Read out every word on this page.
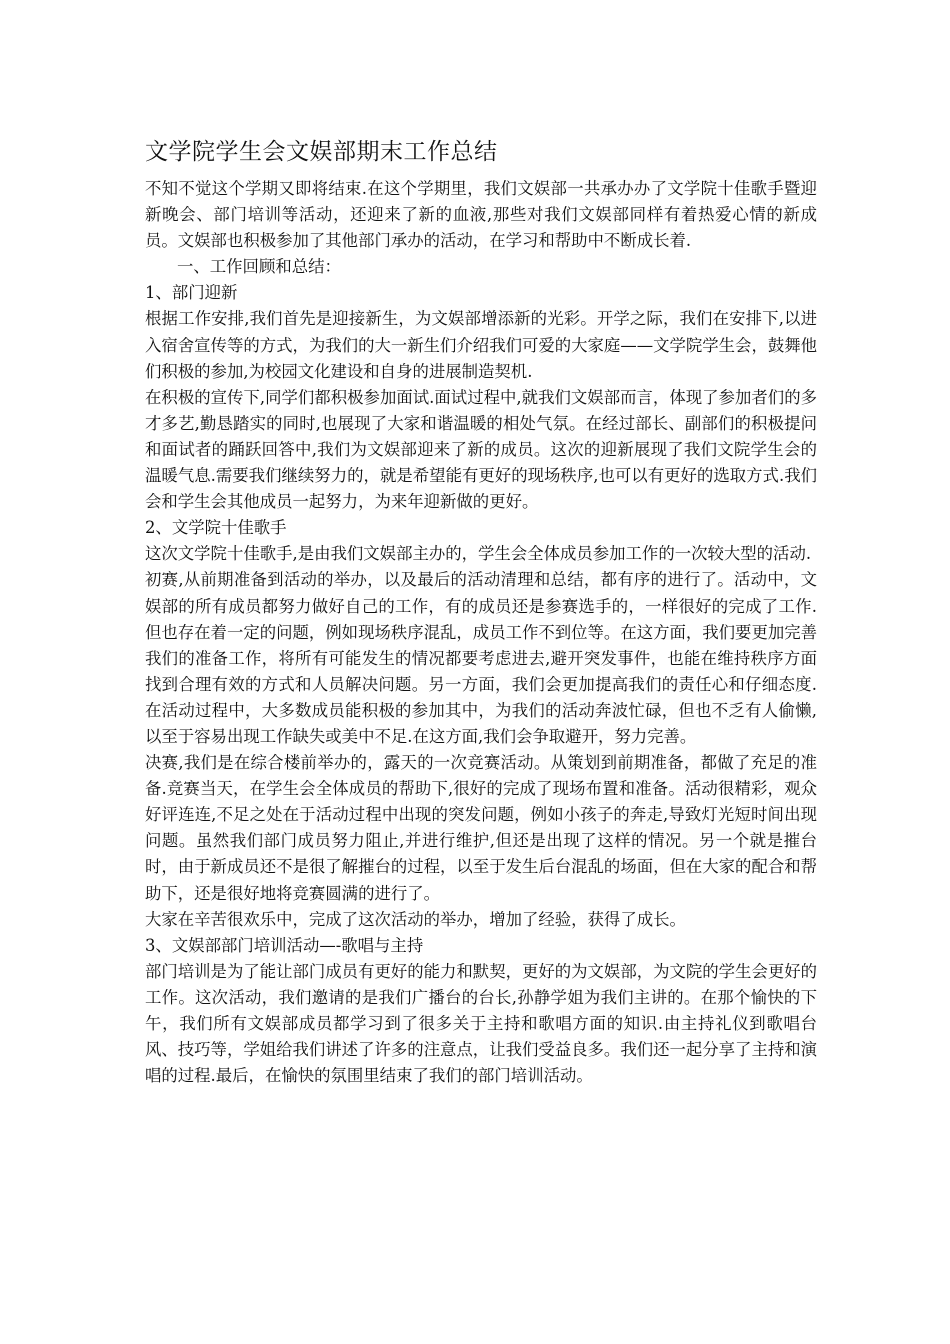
文学院学生会文娱部期末工作总结

不知不觉这个学期又即将结束.在这个学期里，我们文娱部一共承办办了文学院十佳歌手暨迎新晚会、部门培训等活动，还迎来了新的血液,那些对我们文娱部同样有着热爱心情的新成员。文娱部也积极参加了其他部门承办的活动，在学习和帮助中不断成长着.

一、工作回顾和总结：

1、部门迎新

根据工作安排,我们首先是迎接新生，为文娱部增添新的光彩。开学之际，我们在安排下,以进入宿舍宣传等的方式，为我们的大一新生们介绍我们可爱的大家庭——文学院学生会，鼓舞他们积极的参加,为校园文化建设和自身的进展制造契机.

在积极的宣传下,同学们都积极参加面试.面试过程中,就我们文娱部而言，体现了参加者们的多才多艺,勤恳踏实的同时,也展现了大家和谐温暖的相处气氛。在经过部长、副部们的积极提问和面试者的踊跃回答中,我们为文娱部迎来了新的成员。这次的迎新展现了我们文院学生会的温暖气息.需要我们继续努力的，就是希望能有更好的现场秩序,也可以有更好的选取方式.我们会和学生会其他成员一起努力，为来年迎新做的更好。

2、文学院十佳歌手

这次文学院十佳歌手,是由我们文娱部主办的，学生会全体成员参加工作的一次较大型的活动.

初赛,从前期准备到活动的举办，以及最后的活动清理和总结，都有序的进行了。活动中，文娱部的所有成员都努力做好自己的工作，有的成员还是参赛选手的，一样很好的完成了工作.但也存在着一定的问题，例如现场秩序混乱，成员工作不到位等。在这方面，我们要更加完善我们的准备工作，将所有可能发生的情况都要考虑进去,避开突发事件，也能在维持秩序方面找到合理有效的方式和人员解决问题。另一方面，我们会更加提高我们的责任心和仔细态度.在活动过程中，大多数成员能积极的参加其中，为我们的活动奔波忙碌，但也不乏有人偷懒,以至于容易出现工作缺失或美中不足.在这方面,我们会争取避开，努力完善。

决赛,我们是在综合楼前举办的，露天的一次竞赛活动。从策划到前期准备，都做了充足的准备.竞赛当天，在学生会全体成员的帮助下,很好的完成了现场布置和准备。活动很精彩，观众好评连连,不足之处在于活动过程中出现的突发问题，例如小孩子的奔走,导致灯光短时间出现问题。虽然我们部门成员努力阻止,并进行维护,但还是出现了这样的情况。另一个就是摧台时，由于新成员还不是很了解摧台的过程，以至于发生后台混乱的场面，但在大家的配合和帮助下，还是很好地将竞赛圆满的进行了。

大家在辛苦很欢乐中，完成了这次活动的举办，增加了经验，获得了成长。

3、文娱部部门培训活动—-歌唱与主持

部门培训是为了能让部门成员有更好的能力和默契，更好的为文娱部，为文院的学生会更好的工作。这次活动，我们邀请的是我们广播台的台长,孙静学姐为我们主讲的。在那个愉快的下午，我们所有文娱部成员都学习到了很多关于主持和歌唱方面的知识.由主持礼仪到歌唱台风、技巧等，学姐给我们讲述了许多的注意点，让我们受益良多。我们还一起分享了主持和演唱的过程.最后，在愉快的氛围里结束了我们的部门培训活动。
